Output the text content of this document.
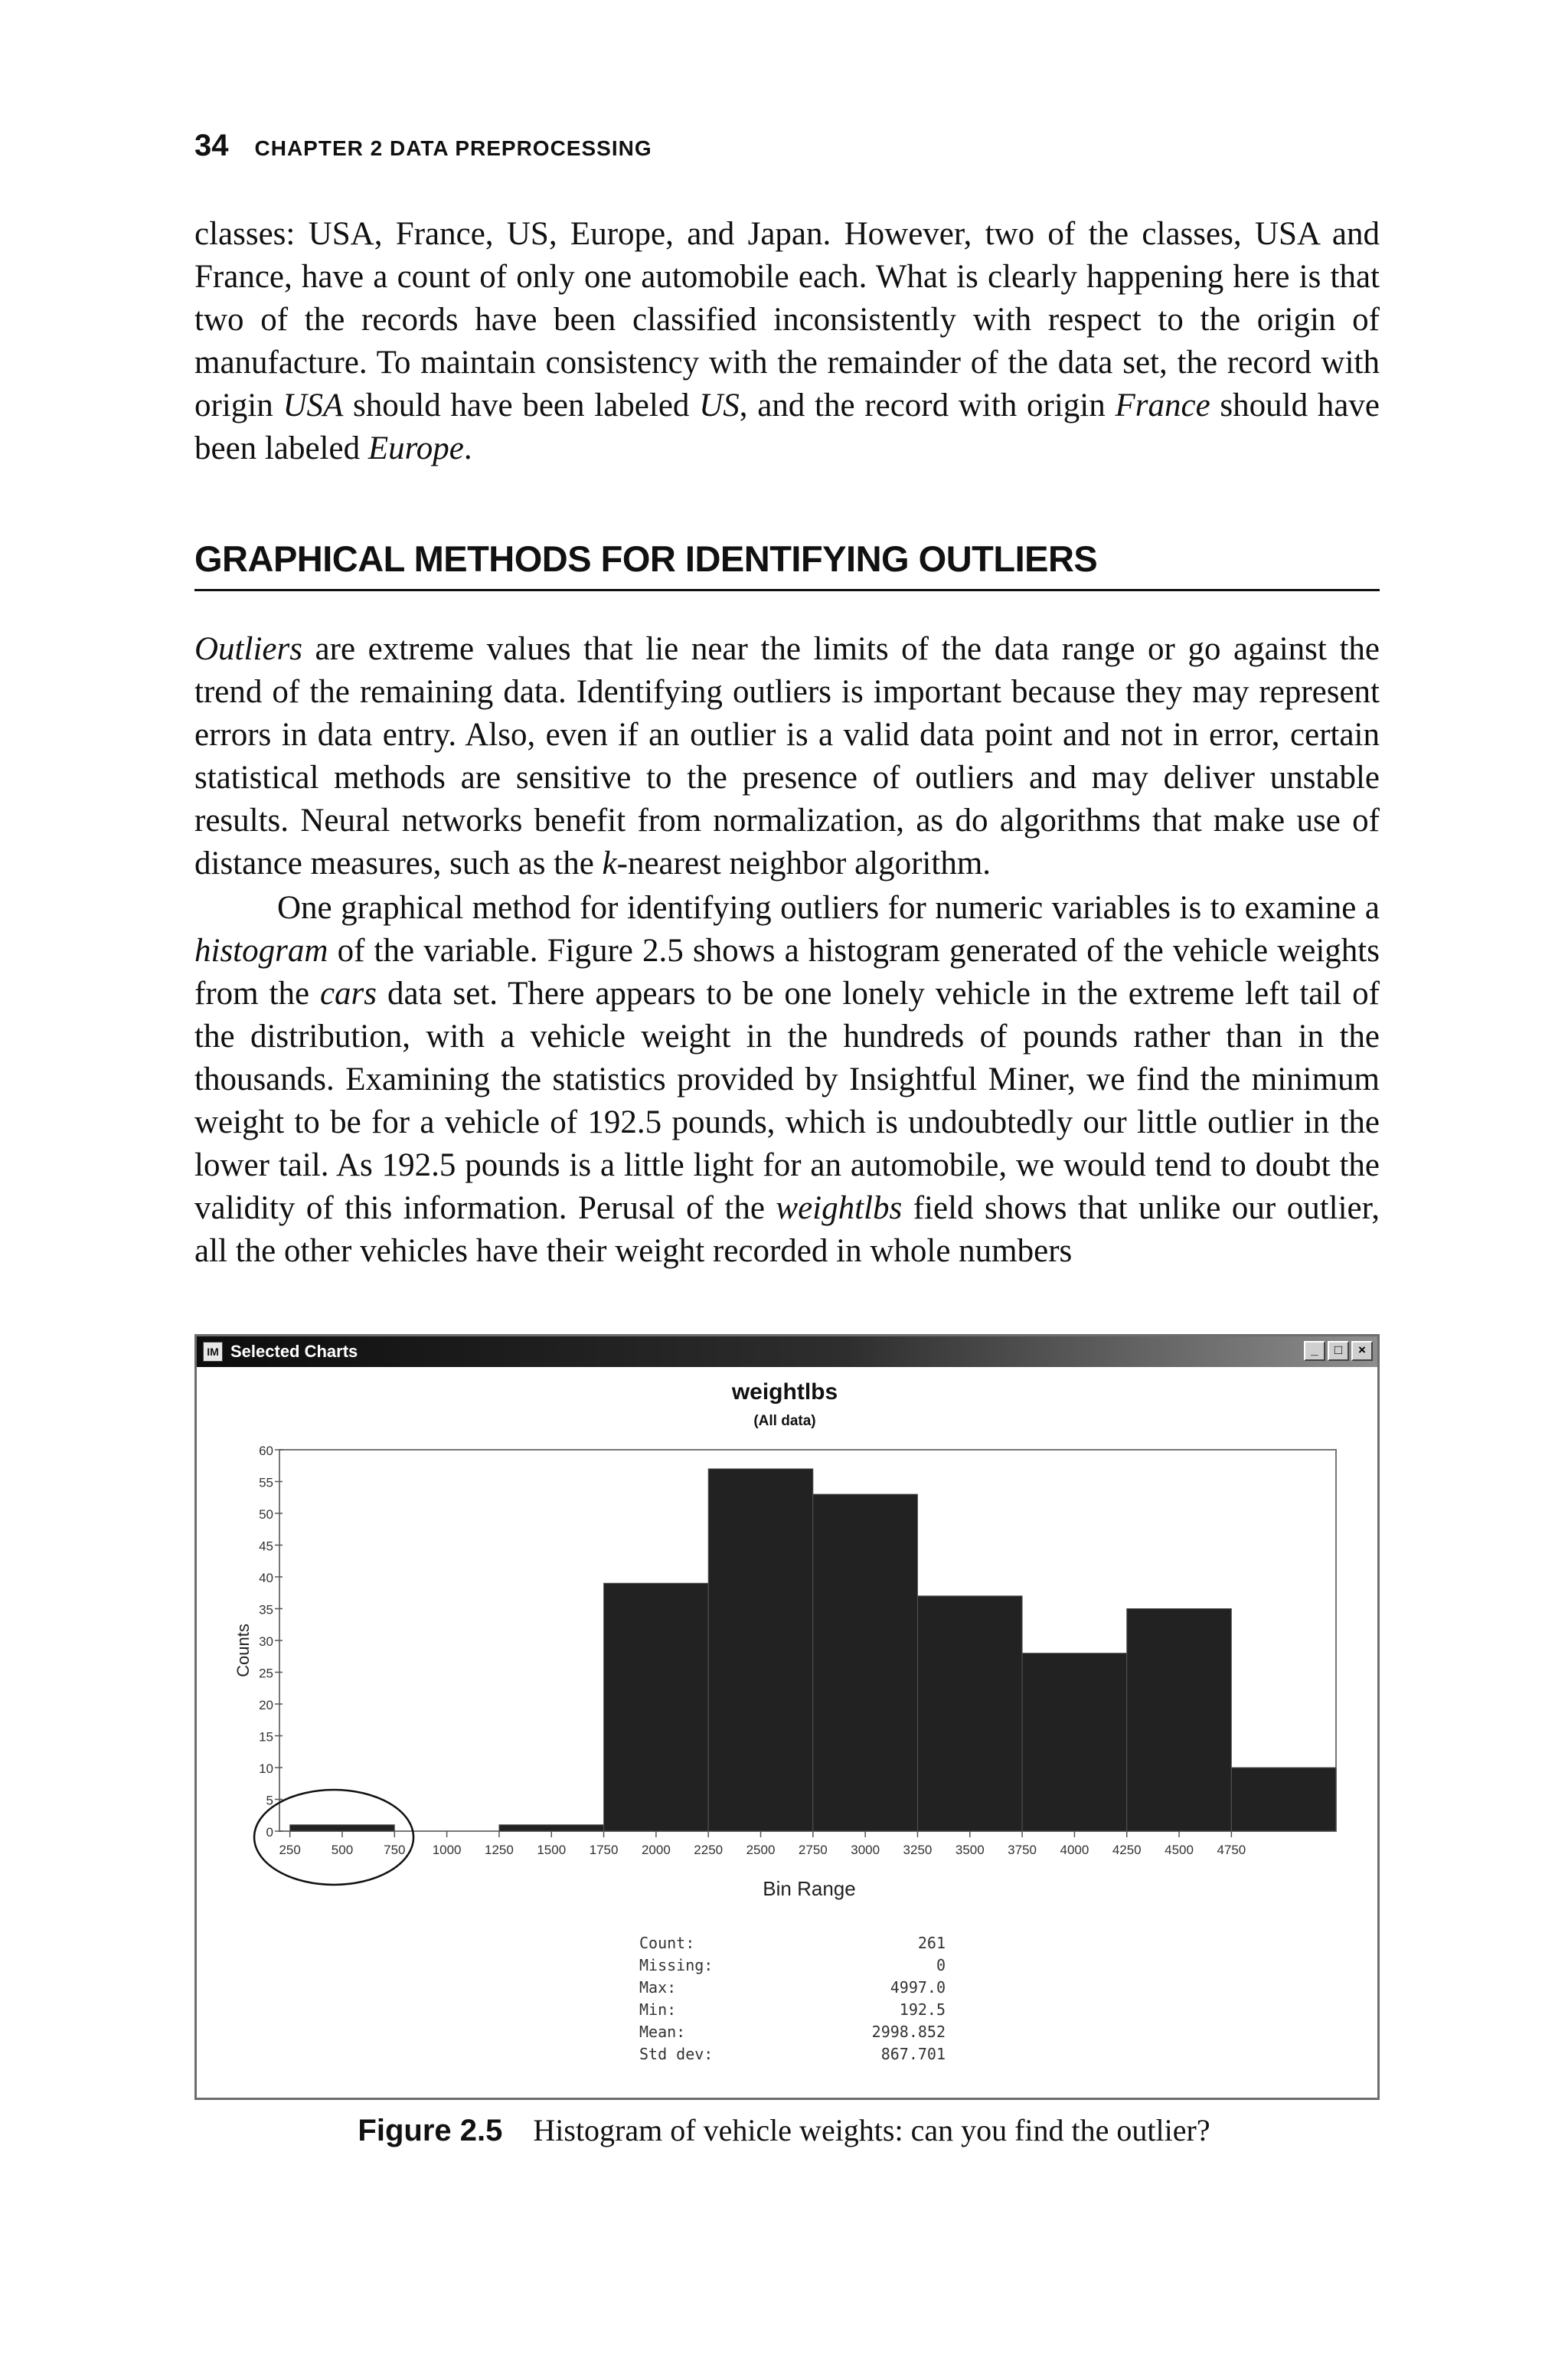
34 CHAPTER 2 DATA PREPROCESSING

classes: USA, France, US, Europe, and Japan. However, two of the classes, USA and France, have a count of only one automobile each. What is clearly happening here is that two of the records have been classified inconsistently with respect to the origin of manufacture. To maintain consistency with the remainder of the data set, the record with origin USA should have been labeled US, and the record with origin France should have been labeled Europe.

GRAPHICAL METHODS FOR IDENTIFYING OUTLIERS

Outliers are extreme values that lie near the limits of the data range or go against the trend of the remaining data. Identifying outliers is important because they may represent errors in data entry. Also, even if an outlier is a valid data point and not in error, certain statistical methods are sensitive to the presence of outliers and may deliver unstable results. Neural networks benefit from normalization, as do algorithms that make use of distance measures, such as the k-nearest neighbor algorithm.

One graphical method for identifying outliers for numeric variables is to examine a histogram of the variable. Figure 2.5 shows a histogram generated of the vehicle weights from the cars data set. There appears to be one lonely vehicle in the extreme left tail of the distribution, with a vehicle weight in the hundreds of pounds rather than in the thousands. Examining the statistics provided by Insightful Miner, we find the minimum weight to be for a vehicle of 192.5 pounds, which is undoubtedly our little outlier in the lower tail. As 192.5 pounds is a little light for an automobile, we would tend to doubt the validity of this information. Perusal of the weightlbs field shows that unlike our outlier, all the other vehicles have their weight recorded in whole numbers

IM Selected Charts	_	□	×
weightlbs
(All data)
Counts
Bin Range
0
5
10
15
20
25
30
35
40
45
50
55
60
250 500 750 1000 1250 1500 1750 2000 2250 2500 2750 3000 3250 3500 3750 4000 4250 4500 4750
Count:	261
Missing:	0
Max:	4997.0
Min:	192.5
Mean:	2998.852
Std dev:	867.701
Figure 2.5 Histogram of vehicle weights: can you find the outlier?
